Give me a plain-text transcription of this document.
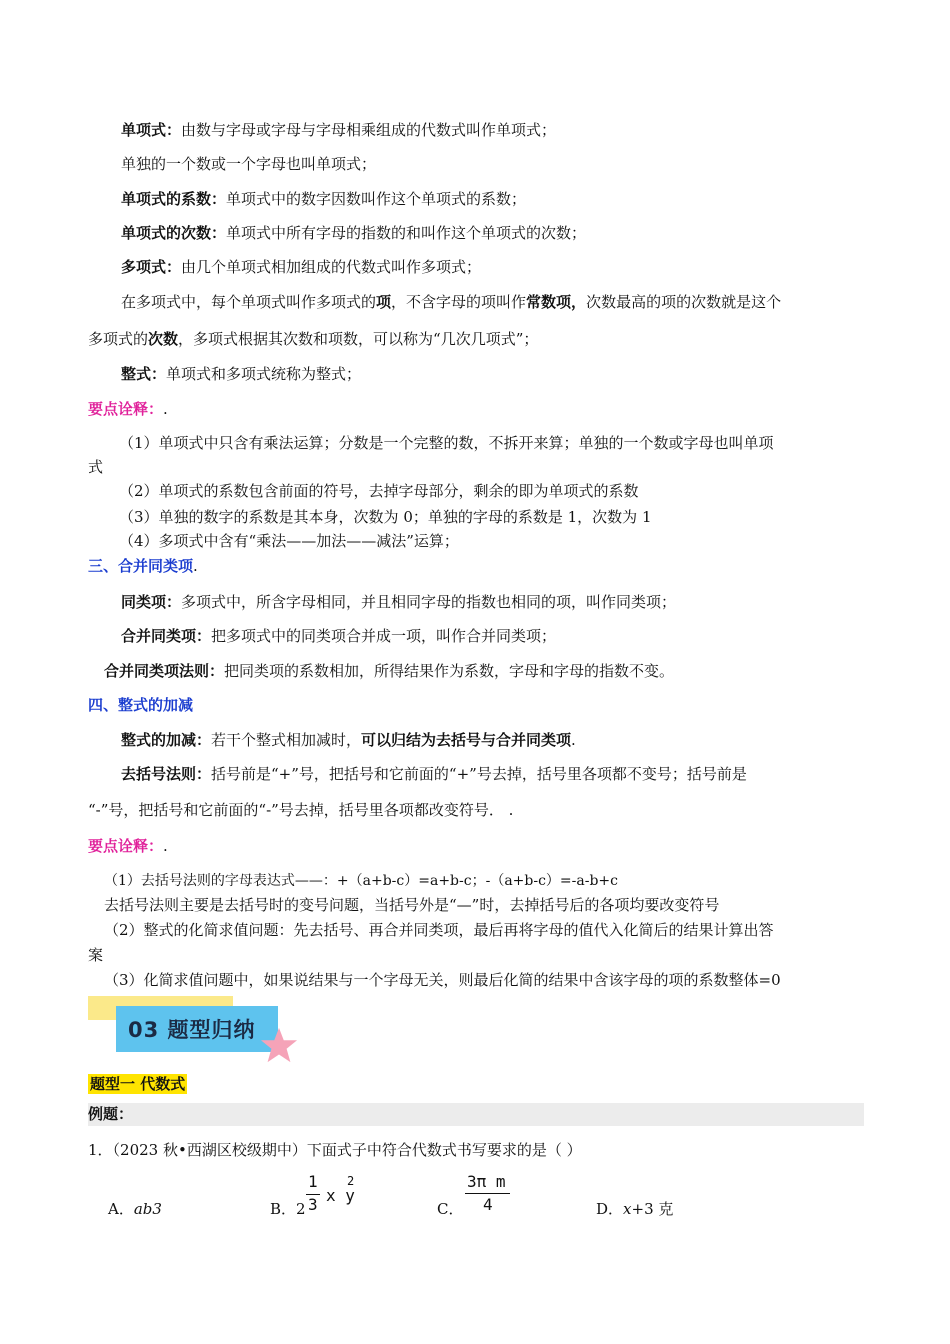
单项式：由数与字母或字母与字母相乘组成的代数式叫作单项式；
单独的一个数或一个字母也叫单项式；
单项式的系数：单项式中的数字因数叫作这个单项式的系数；
单项式的次数：单项式中所有字母的指数的和叫作这个单项式的次数；
多项式：由几个单项式相加组成的代数式叫作多项式；
在多项式中，每个单项式叫作多项式的项，不含字母的项叫作常数项，次数最高的项的次数就是这个
多项式的次数，多项式根据其次数和项数，可以称为“几次几项式”；
整式：单项式和多项式统称为整式；
要点诠释：.
（1）单项式中只含有乘法运算；分数是一个完整的数，不拆开来算；单独的一个数或字母也叫单项
式
（2）单项式的系数包含前面的符号，去掉字母部分，剩余的即为单项式的系数
（3）单独的数字的系数是其本身，次数为 0；单独的字母的系数是 1，次数为 1
（4）多项式中含有“乘法——加法——减法”运算；
三、合并同类项.
同类项：多项式中，所含字母相同，并且相同字母的指数也相同的项，叫作同类项；
合并同类项：把多项式中的同类项合并成一项，叫作合并同类项；
合并同类项法则：把同类项的系数相加，所得结果作为系数，字母和字母的指数不变。
四、整式的加减
整式的加减：若干个整式相加减时，可以归结为去括号与合并同类项.
去括号法则：括号前是“+”号，把括号和它前面的“+”号去掉，括号里各项都不变号；括号前是
“-”号，把括号和它前面的“-”号去掉，括号里各项都改变符号． .
要点诠释：.
（1）去括号法则的字母表达式——：+（a+b-c）=a+b-c；-（a+b-c）=-a-b+c
去括号法则主要是去括号时的变号问题，当括号外是“—”时，去掉括号后的各项均要改变符号
（2）整式的化简求值问题：先去括号、再合并同类项，最后再将字母的值代入化简后的结果计算出答
案
（3）化简求值问题中，如果说结果与一个字母无关，则最后化简的结果中含该字母的项的系数整体=0
03 题型归纳
题型一 代数式
例题：
1．（2023 秋•西湖区校级期中）下面式子中符合代数式书写要求的是（ ）
A．ab3	B．2
1
3 x y
2
C．
3π m
4	D．x+3 克
